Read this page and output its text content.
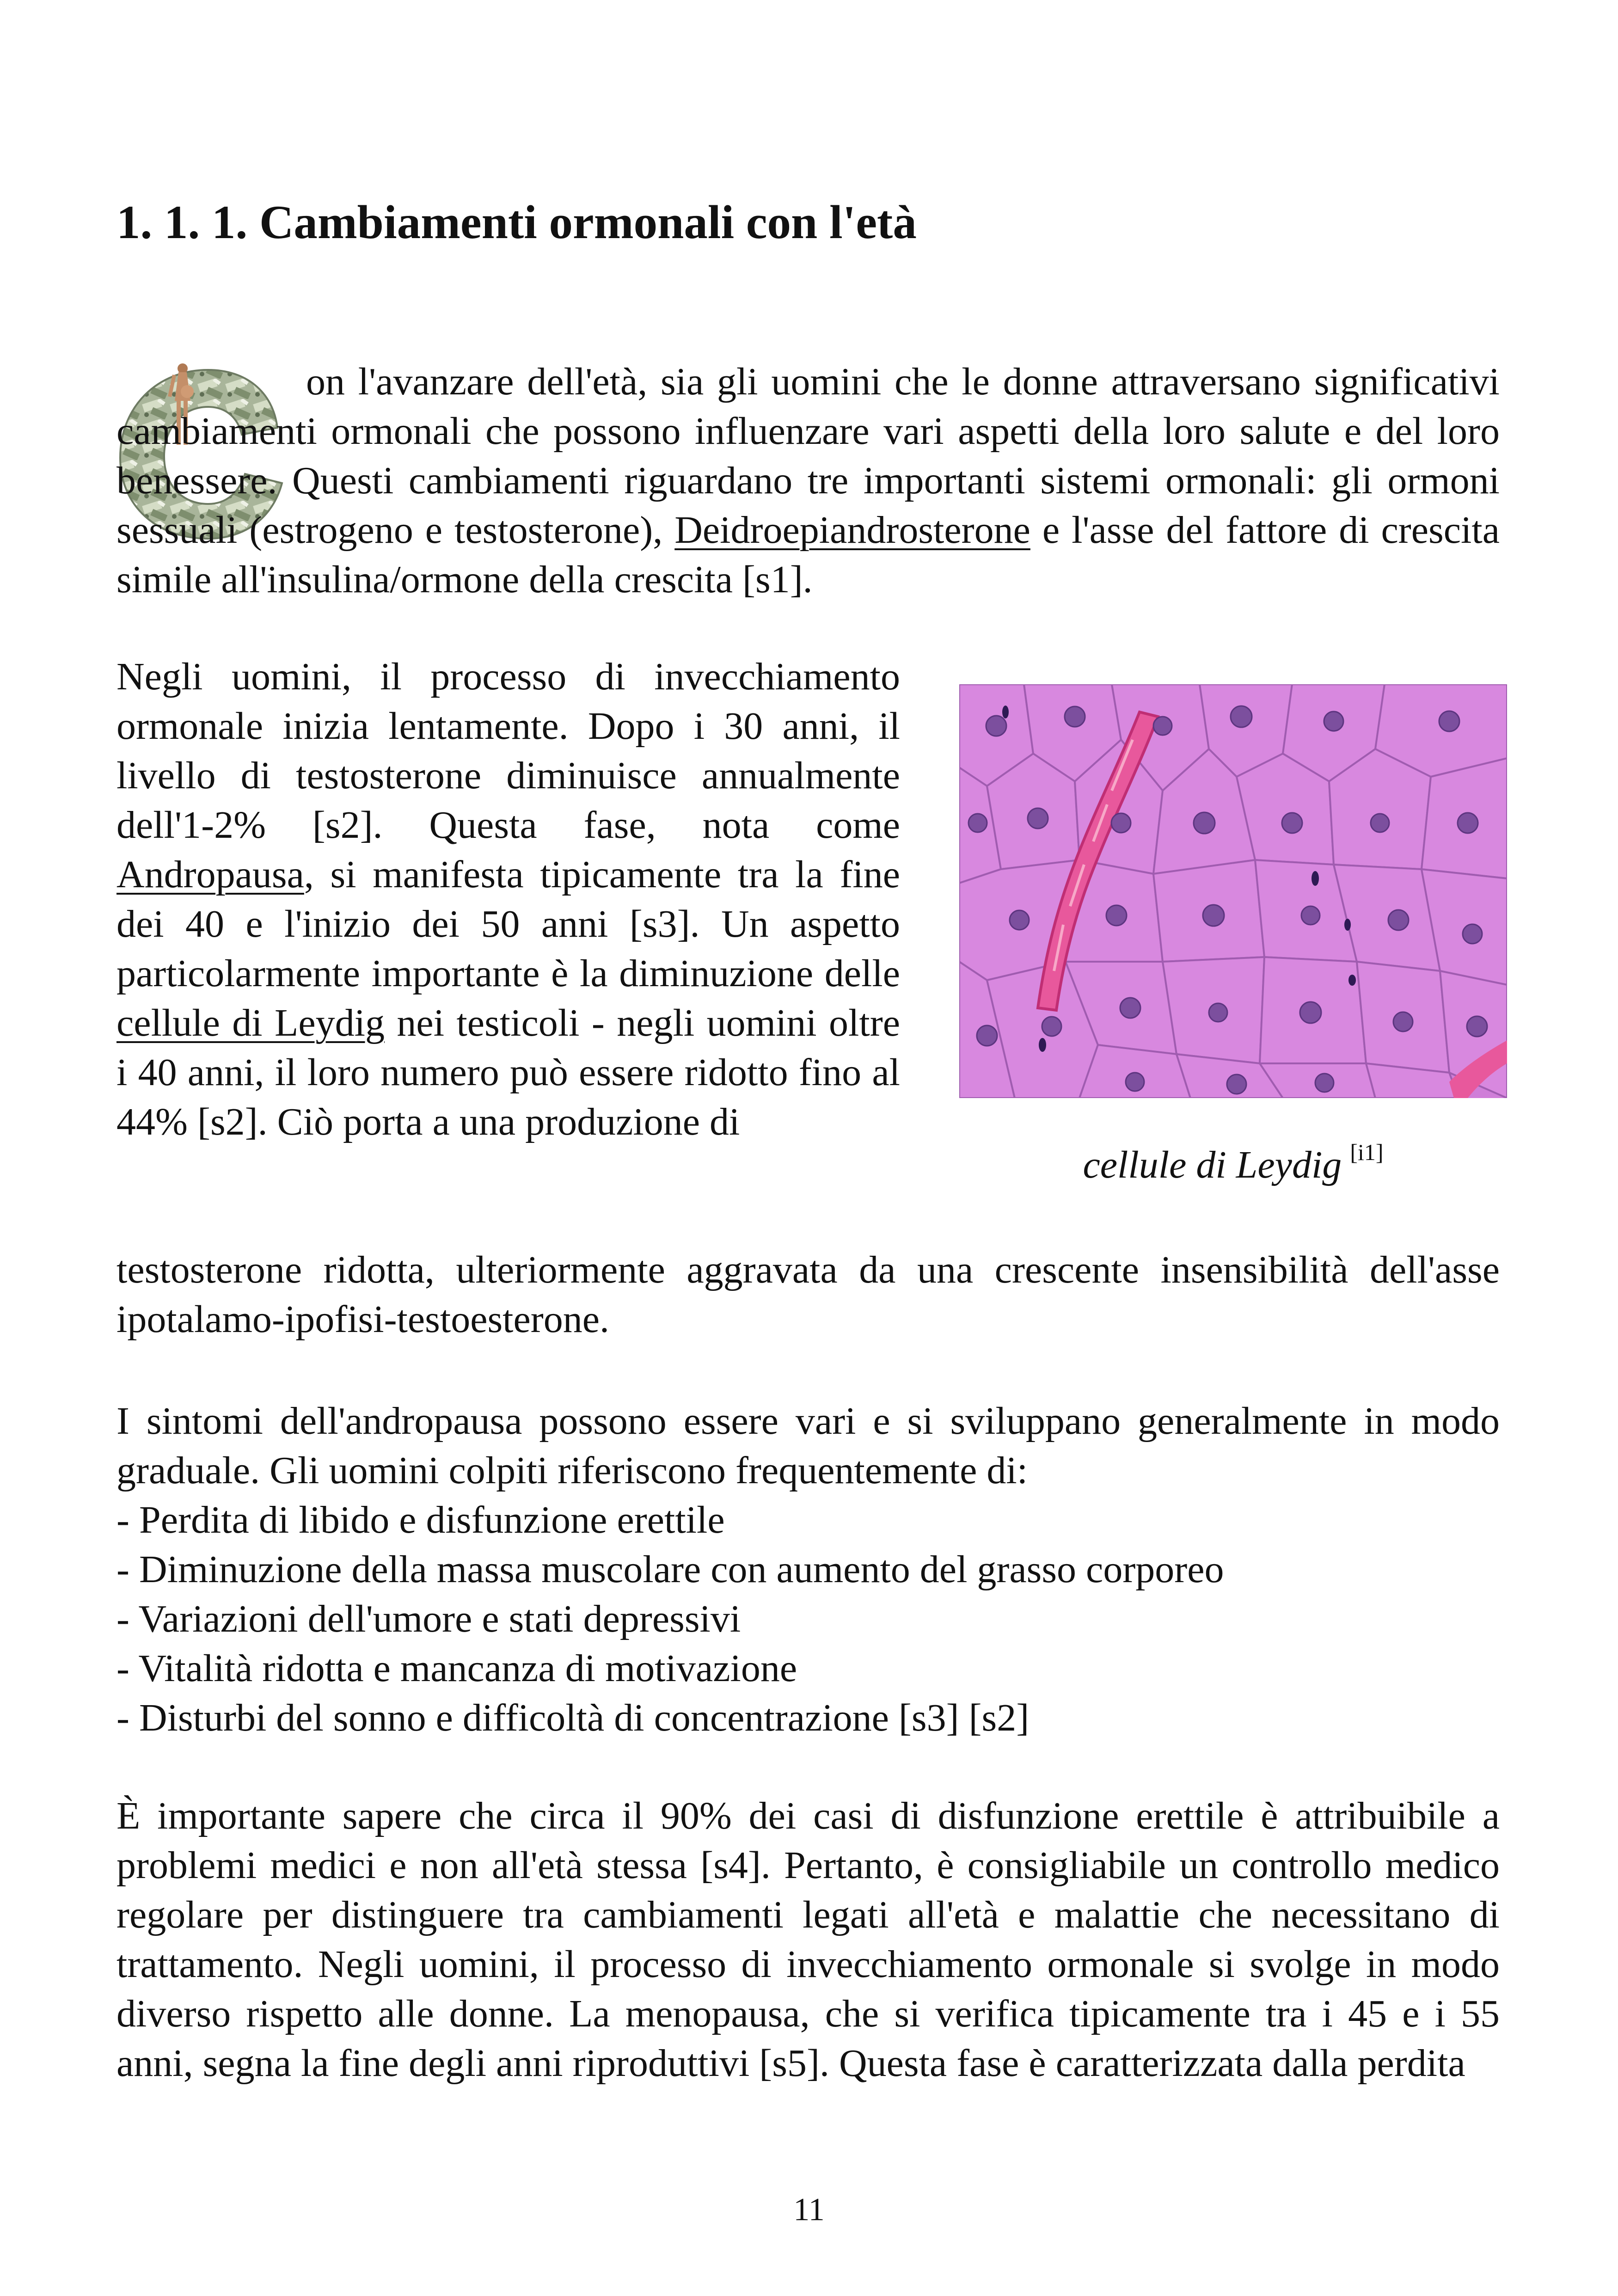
1. 1. 1. Cambiamenti ormonali con l'età

on l'avanzare dell'età, sia gli uomini che le donne attraversano significativi cambiamenti ormonali che possono influenzare vari aspetti della loro salute e del loro benessere. Questi cambiamenti riguardano tre importanti sistemi ormonali: gli ormoni sessuali (estrogeno e testosterone), Deidroepiandrosterone e l'asse del fattore di crescita simile all'insulina/ormone della crescita [s1].

Negli uomini, il processo di invecchiamento ormonale inizia lentamente. Dopo i 30 anni, il livello di testosterone diminuisce annualmente dell'1-2% [s2]. Questa fase, nota come Andropausa, si manifesta tipicamente tra la fine dei 40 e l'inizio dei 50 anni [s3]. Un aspetto particolarmente importante è la diminuzione delle cellule di Leydig nei testicoli - negli uomini oltre i 40 anni, il loro numero può essere ridotto fino al 44% [s2]. Ciò porta a una produzione di

testosterone ridotta, ulteriormente aggravata da una crescente insensibilità dell'asse ipotalamo-ipofisi-testoesterone.

cellule di Leydig [i1]

I sintomi dell'andropausa possono essere vari e si sviluppano generalmente in modo graduale. Gli uomini colpiti riferiscono frequentemente di:

- Perdita di libido e disfunzione erettile
- Diminuzione della massa muscolare con aumento del grasso corporeo
- Variazioni dell'umore e stati depressivi
- Vitalità ridotta e mancanza di motivazione
- Disturbi del sonno e difficoltà di concentrazione [s3] [s2]

È importante sapere che circa il 90% dei casi di disfunzione erettile è attribuibile a problemi medici e non all'età stessa [s4]. Pertanto, è consigliabile un controllo medico regolare per distinguere tra cambiamenti legati all'età e malattie che necessitano di trattamento. Negli uomini, il processo di invecchiamento ormonale si svolge in modo diverso rispetto alle donne. La menopausa, che si verifica tipicamente tra i 45 e i 55 anni, segna la fine degli anni riproduttivi [s5]. Questa fase è caratterizzata dalla perdita

11
